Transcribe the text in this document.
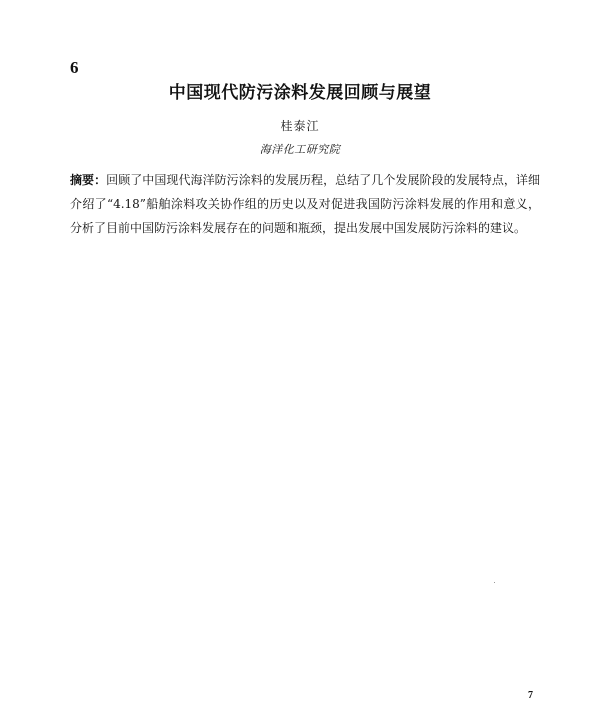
6
中国现代防污涂料发展回顾与展望
桂泰江
海洋化工研究院
摘要：回顾了中国现代海洋防污涂料的发展历程，总结了几个发展阶段的发展特点，详细介绍了“4.18”船舶涂料攻关协作组的历史以及对促进我国防污涂料发展的作用和意义，分析了目前中国防污涂料发展存在的问题和瓶颈，提出发展中国发展防污涂料的建议。
7
